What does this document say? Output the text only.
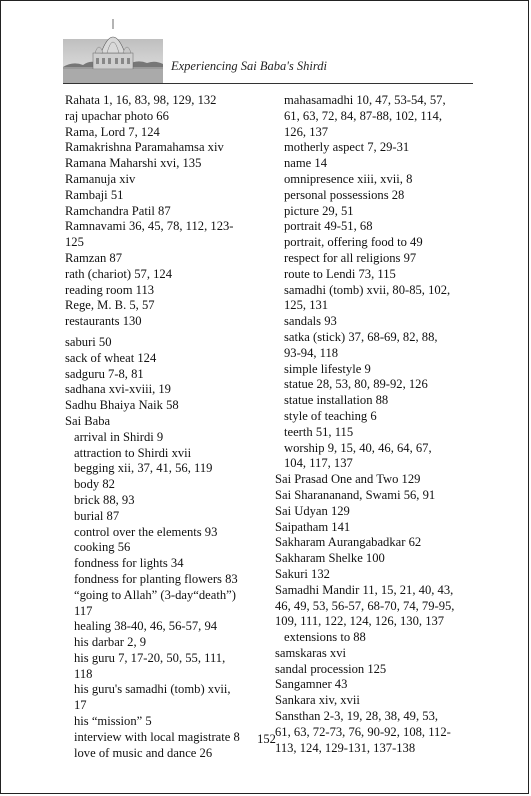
Experiencing Sai Baba's Shirdi
Rahata 1, 16, 83, 98, 129, 132
raj upachar photo 66
Rama, Lord 7, 124
Ramakrishna Paramahamsa xiv
Ramana Maharshi xvi, 135
Ramanuja xiv
Rambaji 51
Ramchandra Patil 87
Ramnavami 36, 45, 78, 112, 123-
125
Ramzan 87
rath (chariot) 57, 124
reading room 113
Rege, M. B. 5, 57
restaurants 130
saburi 50
sack of wheat 124
sadguru 7-8, 81
sadhana xvi-xviii, 19
Sadhu Bhaiya Naik 58
Sai Baba
arrival in Shirdi 9
attraction to Shirdi xvii
begging xii, 37, 41, 56, 119
body 82
brick 88, 93
burial 87
control over the elements 93
cooking 56
fondness for lights 34
fondness for planting flowers 83
“going to Allah” (3-day“death”)
117
healing 38-40, 46, 56-57, 94
his darbar 2, 9
his guru 7, 17-20, 50, 55, 111,
118
his guru's samadhi (tomb) xvii,
17
his “mission” 5
interview with local magistrate 8
love of music and dance 26
mahasamadhi 10, 47, 53-54, 57,
61, 63, 72, 84, 87-88, 102, 114,
126, 137
motherly aspect 7, 29-31
name 14
omnipresence xiii, xvii, 8
personal possessions 28
picture 29, 51
portrait 49-51, 68
portrait, offering food to 49
respect for all religions 97
route to Lendi 73, 115
samadhi (tomb) xvii, 80-85, 102,
125, 131
sandals 93
satka (stick) 37, 68-69, 82, 88,
93-94, 118
simple lifestyle 9
statue 28, 53, 80, 89-92, 126
statue installation 88
style of teaching 6
teerth 51, 115
worship 9, 15, 40, 46, 64, 67,
104, 117, 137
Sai Prasad One and Two 129
Sai Sharananand, Swami 56, 91
Sai Udyan 129
Saipatham 141
Sakharam Aurangabadkar 62
Sakharam Shelke 100
Sakuri 132
Samadhi Mandir 11, 15, 21, 40, 43,
46, 49, 53, 56-57, 68-70, 74, 79-95,
109, 111, 122, 124, 126, 130, 137
extensions to 88
samskaras xvi
sandal procession 125
Sangamner 43
Sankara xiv, xvii
Sansthan 2-3, 19, 28, 38, 49, 53,
61, 63, 72-73, 76, 90-92, 108, 112-
113, 124, 129-131, 137-138
152
